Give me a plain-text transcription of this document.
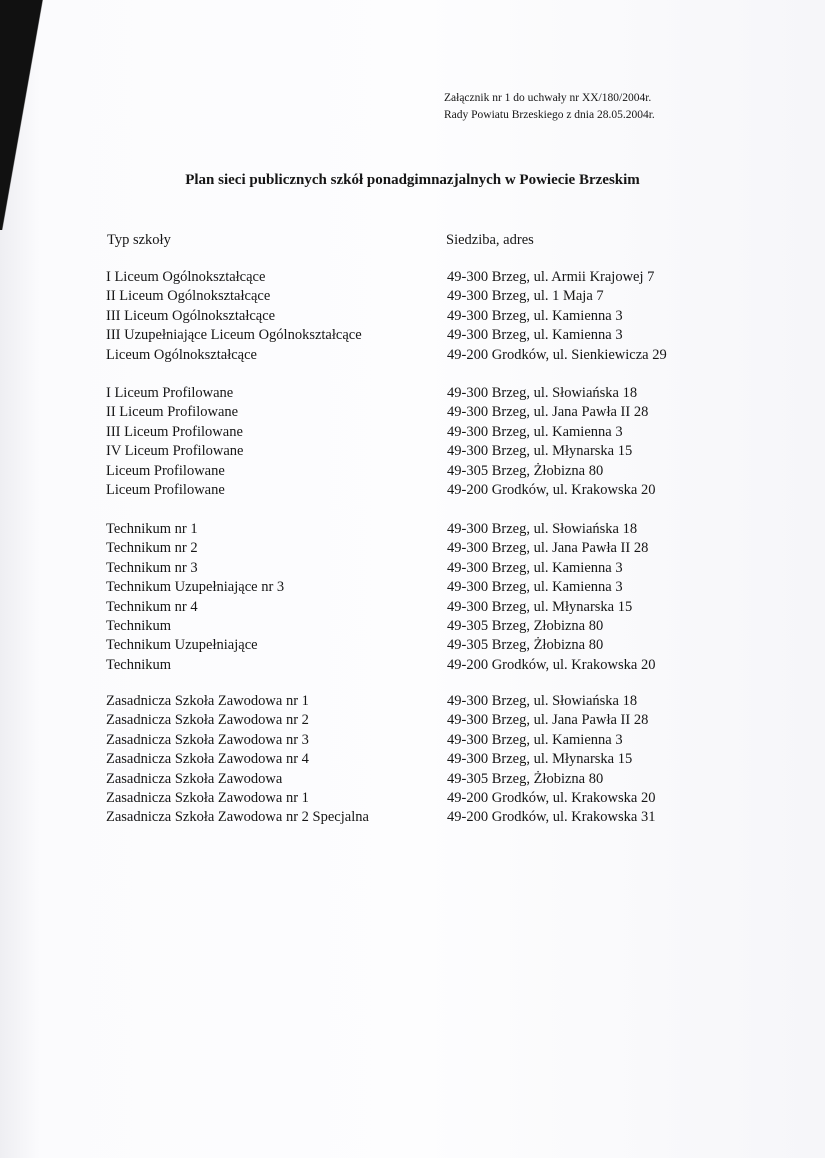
Załącznik nr 1 do uchwały nr XX/180/2004r.
Rady Powiatu Brzeskiego z dnia 28.05.2004r.
Plan sieci publicznych szkół ponadgimnazjalnych w Powiecie Brzeskim
Typ szkoły	Siedziba, adres
I Liceum Ogólnokształcące	49-300 Brzeg, ul. Armii Krajowej 7
II Liceum Ogólnokształcące	49-300 Brzeg, ul. 1 Maja 7
III Liceum Ogólnokształcące	49-300 Brzeg, ul. Kamienna 3
III Uzupełniające Liceum Ogólnokształcące	49-300 Brzeg, ul. Kamienna 3
Liceum Ogólnokształcące	49-200 Grodków, ul. Sienkiewicza 29
I Liceum Profilowane	49-300 Brzeg, ul. Słowiańska 18
II Liceum Profilowane	49-300 Brzeg, ul. Jana Pawła II 28
III Liceum Profilowane	49-300 Brzeg, ul. Kamienna 3
IV Liceum Profilowane	49-300 Brzeg, ul. Młynarska 15
Liceum Profilowane	49-305 Brzeg, Żłobizna 80
Liceum Profilowane	49-200 Grodków, ul. Krakowska 20
Technikum nr 1	49-300 Brzeg, ul. Słowiańska 18
Technikum nr 2	49-300 Brzeg, ul. Jana Pawła II 28
Technikum nr 3	49-300 Brzeg, ul. Kamienna 3
Technikum Uzupełniające nr 3	49-300 Brzeg, ul. Kamienna 3
Technikum nr 4	49-300 Brzeg, ul. Młynarska 15
Technikum	49-305 Brzeg, Złobizna 80
Technikum Uzupełniające	49-305 Brzeg, Żłobizna 80
Technikum	49-200 Grodków, ul. Krakowska 20
Zasadnicza Szkoła Zawodowa nr 1	49-300 Brzeg, ul. Słowiańska 18
Zasadnicza Szkoła Zawodowa nr 2	49-300 Brzeg, ul. Jana Pawła II 28
Zasadnicza Szkoła Zawodowa nr 3	49-300 Brzeg, ul. Kamienna 3
Zasadnicza Szkoła Zawodowa nr 4	49-300 Brzeg, ul. Młynarska 15
Zasadnicza Szkoła Zawodowa	49-305 Brzeg, Żłobizna 80
Zasadnicza Szkoła Zawodowa nr 1	49-200 Grodków, ul. Krakowska 20
Zasadnicza Szkoła Zawodowa nr 2 Specjalna	49-200 Grodków, ul. Krakowska 31
